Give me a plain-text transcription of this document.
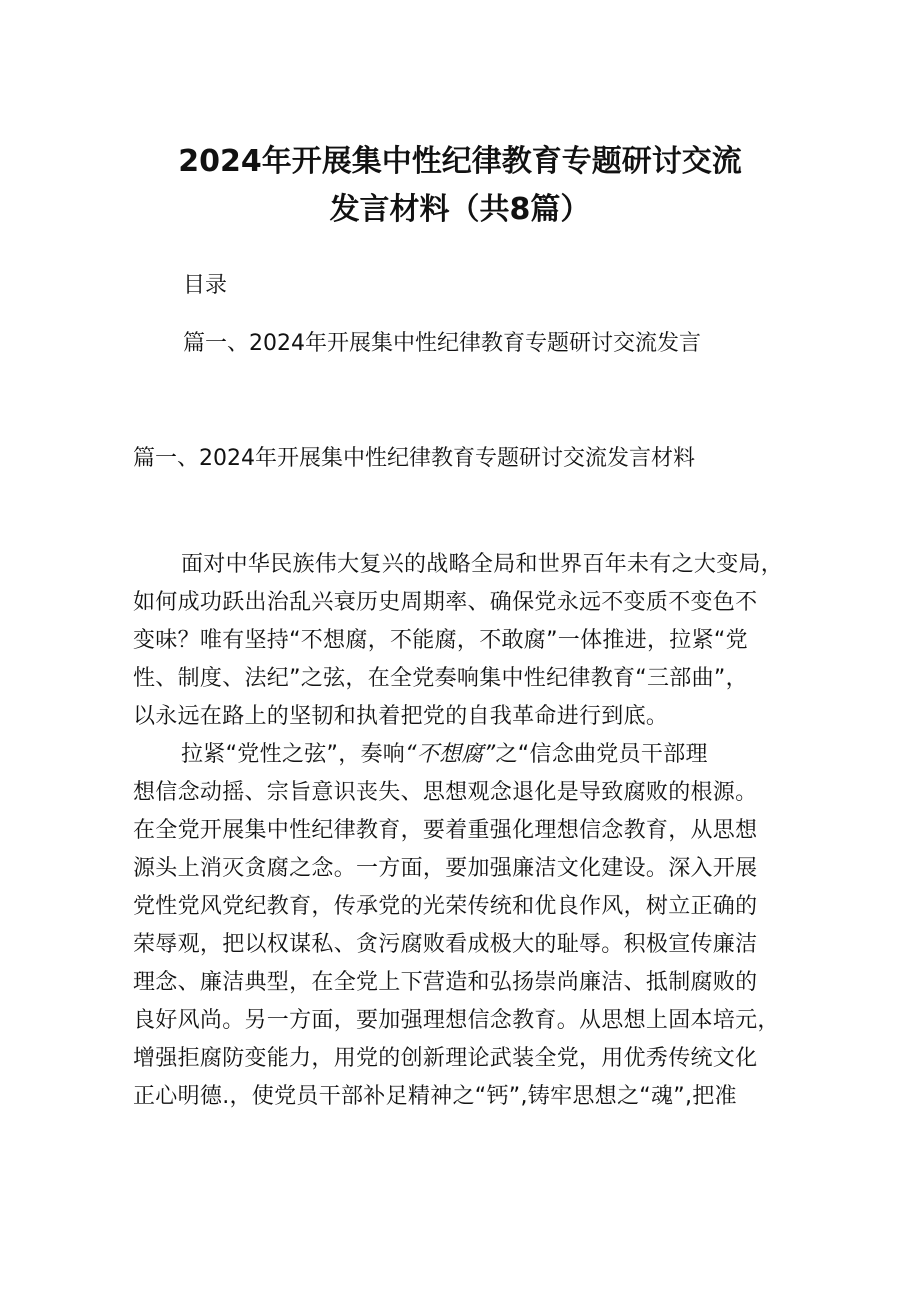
2024年开展集中性纪律教育专题研讨交流
发言材料（共8篇）
目录
篇一、2024年开展集中性纪律教育专题研讨交流发言
篇一、2024年开展集中性纪律教育专题研讨交流发言材料
面对中华民族伟大复兴的战略全局和世界百年未有之大变局，
如何成功跃出治乱兴衰历史周期率、确保党永远不变质不变色不
变味？唯有坚持“不想腐，不能腐，不敢腐”一体推进，拉紧“党
性、制度、法纪”之弦，在全党奏响集中性纪律教育“三部曲”，
以永远在路上的坚韧和执着把党的自我革命进行到底。
拉紧“党性之弦”，奏响“不想腐”之“信念曲党员干部理
想信念动摇、宗旨意识丧失、思想观念退化是导致腐败的根源。
在全党开展集中性纪律教育，要着重强化理想信念教育，从思想
源头上消灭贪腐之念。一方面，要加强廉洁文化建设。深入开展
党性党风党纪教育，传承党的光荣传统和优良作风，树立正确的
荣辱观，把以权谋私、贪污腐败看成极大的耻辱。积极宣传廉洁
理念、廉洁典型，在全党上下营造和弘扬崇尚廉洁、抵制腐败的
良好风尚。另一方面，要加强理想信念教育。从思想上固本培元，
增强拒腐防变能力，用党的创新理论武装全党，用优秀传统文化
正心明德.，使党员干部补足精神之“钙”,铸牢思想之“魂”,把准
